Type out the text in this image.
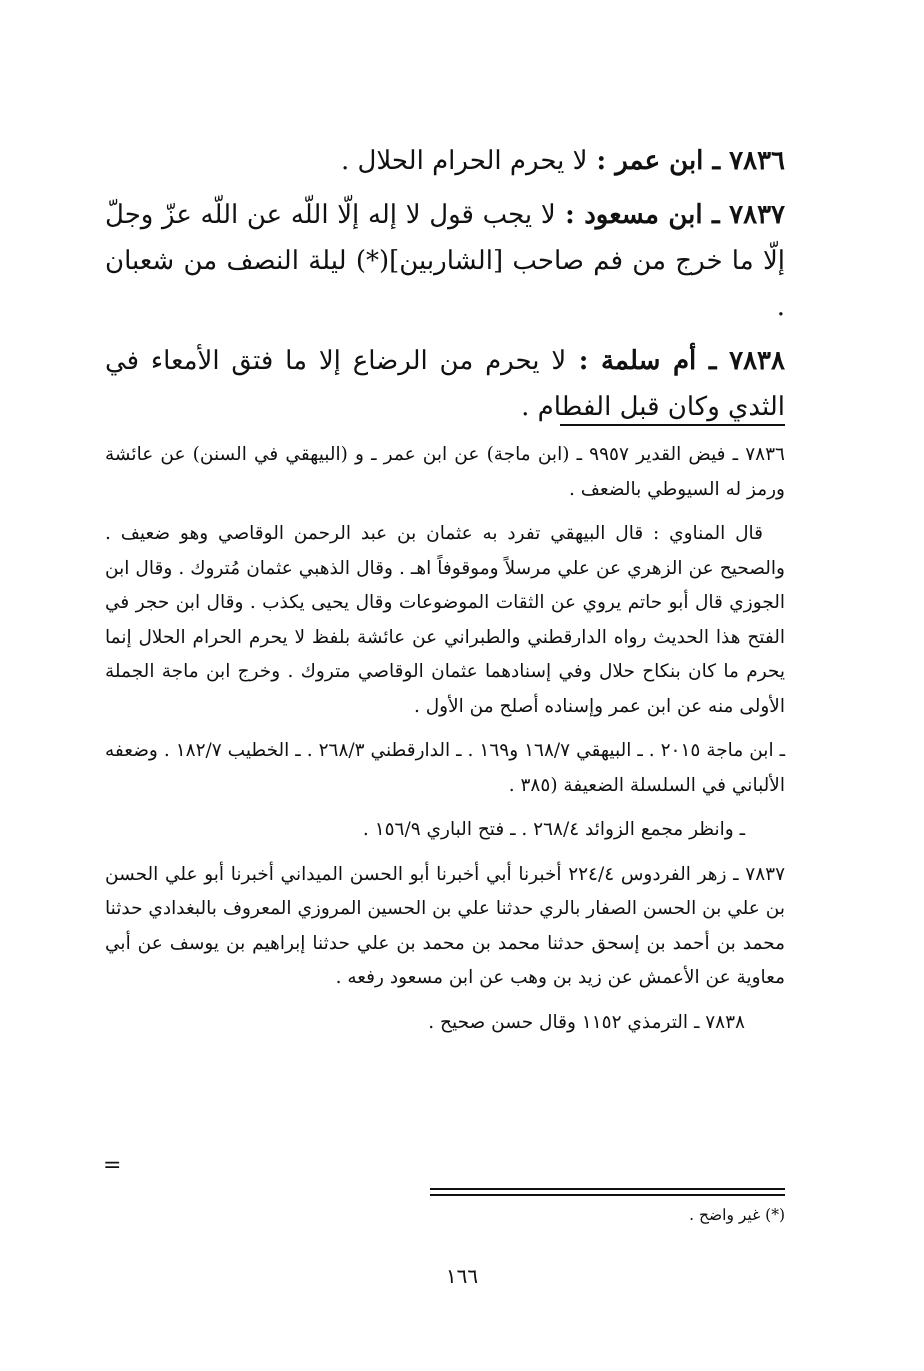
٧٨٣٦ ـ ابن عمر : لا يحرم الحرام الحلال .
٧٨٣٧ ـ ابن مسعود : لا يجب قول لا إله إلّا اللّه عن اللّه عزّ وجلّ إلّا ما خرج من فم صاحب [الشاربين](*) ليلة النصف من شعبان .
٧٨٣٨ ـ أم سلمة : لا يحرم من الرضاع إلا ما فتق الأمعاء في الثدي وكان قبل الفطام .

٧٨٣٦ ـ فيض القدير ٩٩٥٧ ـ (ابن ماجة) عن ابن عمر ـ و (البيهقي في السنن) عن عائشة ورمز له السيوطي بالضعف .

قال المناوي : قال البيهقي تفرد به عثمان بن عبد الرحمن الوقاصي وهو ضعيف . والصحيح عن الزهري عن علي مرسلاً وموقوفاً اهـ . وقال الذهبي عثمان مُتروك . وقال ابن الجوزي قال أبو حاتم يروي عن الثقات الموضوعات وقال يحيى يكذب . وقال ابن حجر في الفتح هذا الحديث رواه الدارقطني والطبراني عن عائشة بلفظ لا يحرم الحرام الحلال إنما يحرم ما كان بنكاح حلال وفي إسنادهما عثمان الوقاصي متروك . وخرج ابن ماجة الجملة الأولى منه عن ابن عمر وإسناده أصلح من الأول .

ـ ابن ماجة ٢٠١٥ . ـ البيهقي ١٦٨/٧ و١٦٩ . ـ الدارقطني ٢٦٨/٣ . ـ الخطيب ١٨٢/٧ . وضعفه الألباني في السلسلة الضعيفة (٣٨٥ .

ـ وانظر مجمع الزوائد ٢٦٨/٤ . ـ فتح الباري ١٥٦/٩ .

٧٨٣٧ ـ زهر الفردوس ٢٢٤/٤ أخبرنا أبي أخبرنا أبو الحسن الميداني أخبرنا أبو علي الحسن بن علي بن الحسن الصفار بالري حدثنا علي بن الحسين المروزي المعروف بالبغدادي حدثنا محمد بن أحمد بن إسحق حدثنا محمد بن محمد بن علي حدثنا إبراهيم بن يوسف عن أبي معاوية عن الأعمش عن زيد بن وهب عن ابن مسعود رفعه .

٧٨٣٨ ـ الترمذي ١١٥٢ وقال حسن صحيح .

=
(*) غير واضح .
١٦٦
